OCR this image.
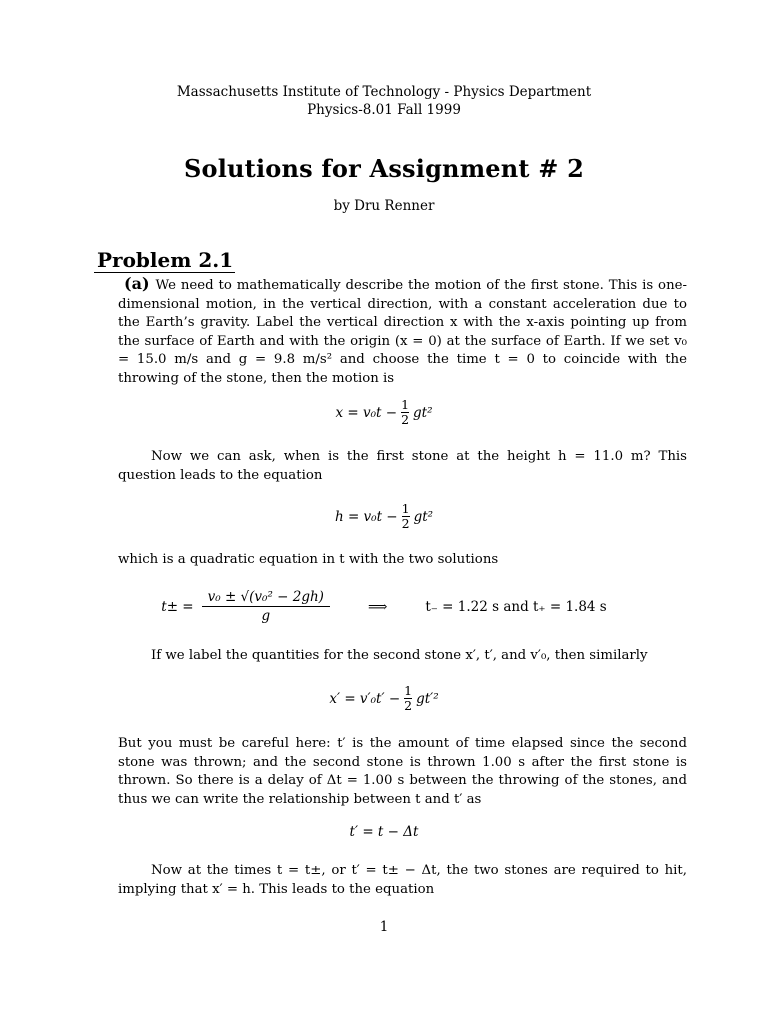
Massachusetts Institute of Technology - Physics Department
Physics-8.01 Fall 1999
Solutions for Assignment # 2
by Dru Renner
Problem 2.1

(a) We need to mathematically describe the motion of the first stone. This is one-dimensional motion, in the vertical direction, with a constant acceleration due to the Earth’s gravity. Label the vertical direction x with the x-axis pointing up from the surface of Earth and with the origin (x = 0) at the surface of Earth. If we set v₀ = 15.0 m/s and g = 9.8 m/s² and choose the time t = 0 to coincide with the throwing of the stone, then the motion is

$x = v_0t - \frac{1}{2} gt^2$

Now we can ask, when is the first stone at the height h = 11.0 m? This question leads to the equation

$h = v_0t - \frac{1}{2} gt^2$

which is a quadratic equation in t with the two solutions

$t\pm = \frac{\text{v₀ ± √(v₀² − 2gh)}}{g}$	⟹	t₋ = 1.22 s and t₊ = 1.84 s

If we label the quantities for the second stone x′, t′, and v′₀, then similarly

$x' = v'_0t' - \frac{1}{2} gt'^2$

But you must be careful here: t′ is the amount of time elapsed since the second stone was thrown; and the second stone is thrown 1.00 s after the first stone is thrown. So there is a delay of Δt = 1.00 s between the throwing of the stones, and thus we can write the relationship between t and t′ as

t′ = t − Δt

Now at the times t = t±, or t′ = t± − Δt, the two stones are required to hit, implying that x′ = h. This leads to the equation

1
